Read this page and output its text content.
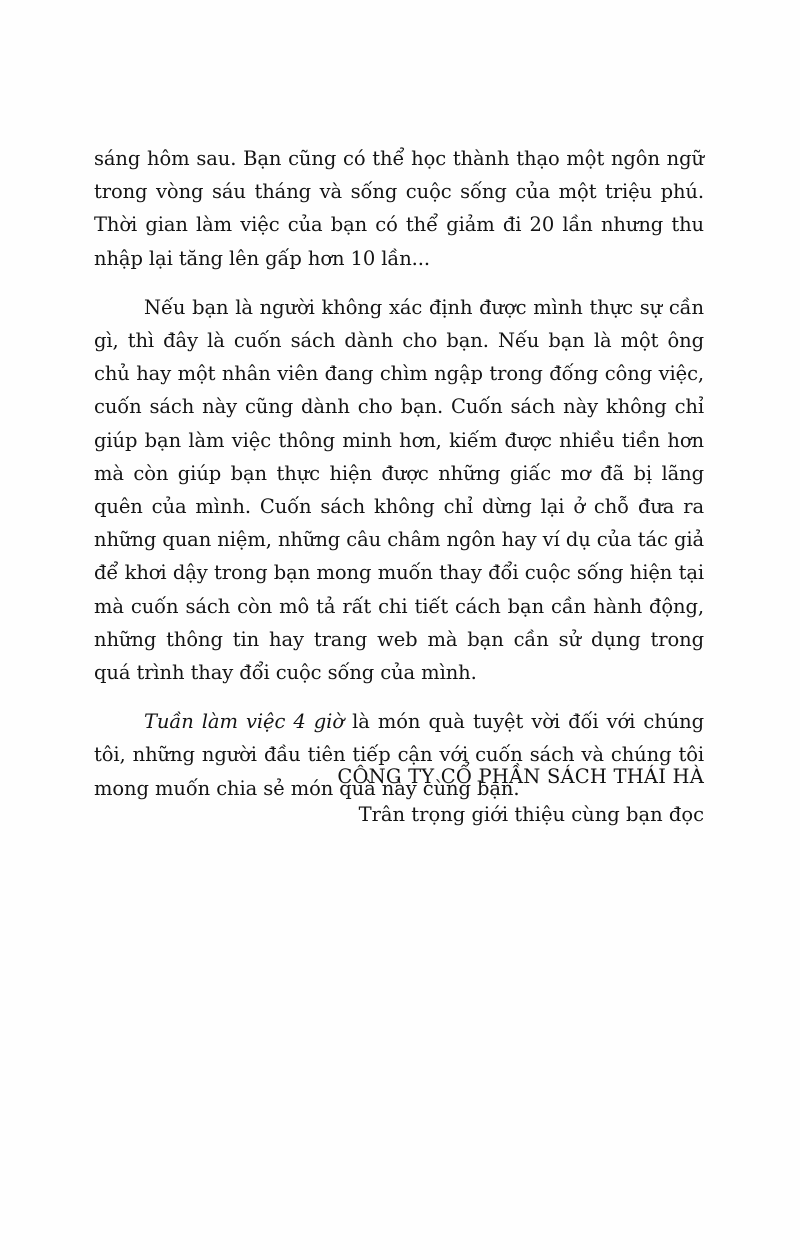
sáng hôm sau. Bạn cũng có thể học thành thạo một ngôn ngữ trong vòng sáu tháng và sống cuộc sống của một triệu phú. Thời gian làm việc của bạn có thể giảm đi 20 lần nhưng thu nhập lại tăng lên gấp hơn 10 lần...

Nếu bạn là người không xác định được mình thực sự cần gì, thì đây là cuốn sách dành cho bạn. Nếu bạn là một ông chủ hay một nhân viên đang chìm ngập trong đống công việc, cuốn sách này cũng dành cho bạn. Cuốn sách này không chỉ giúp bạn làm việc thông minh hơn, kiếm được nhiều tiền hơn mà còn giúp bạn thực hiện được những giấc mơ đã bị lãng quên của mình. Cuốn sách không chỉ dừng lại ở chỗ đưa ra những quan niệm, những câu châm ngôn hay ví dụ của tác giả để khơi dậy trong bạn mong muốn thay đổi cuộc sống hiện tại mà cuốn sách còn mô tả rất chi tiết cách bạn cần hành động, những thông tin hay trang web mà bạn cần sử dụng trong quá trình thay đổi cuộc sống của mình.

Tuần làm việc 4 giờ là món quà tuyệt vời đối với chúng tôi, những người đầu tiên tiếp cận với cuốn sách và chúng tôi mong muốn chia sẻ món quà này cùng bạn.

CÔNG TY CỔ PHẦN SÁCH THÁI HÀ
Trân trọng giới thiệu cùng bạn đọc
